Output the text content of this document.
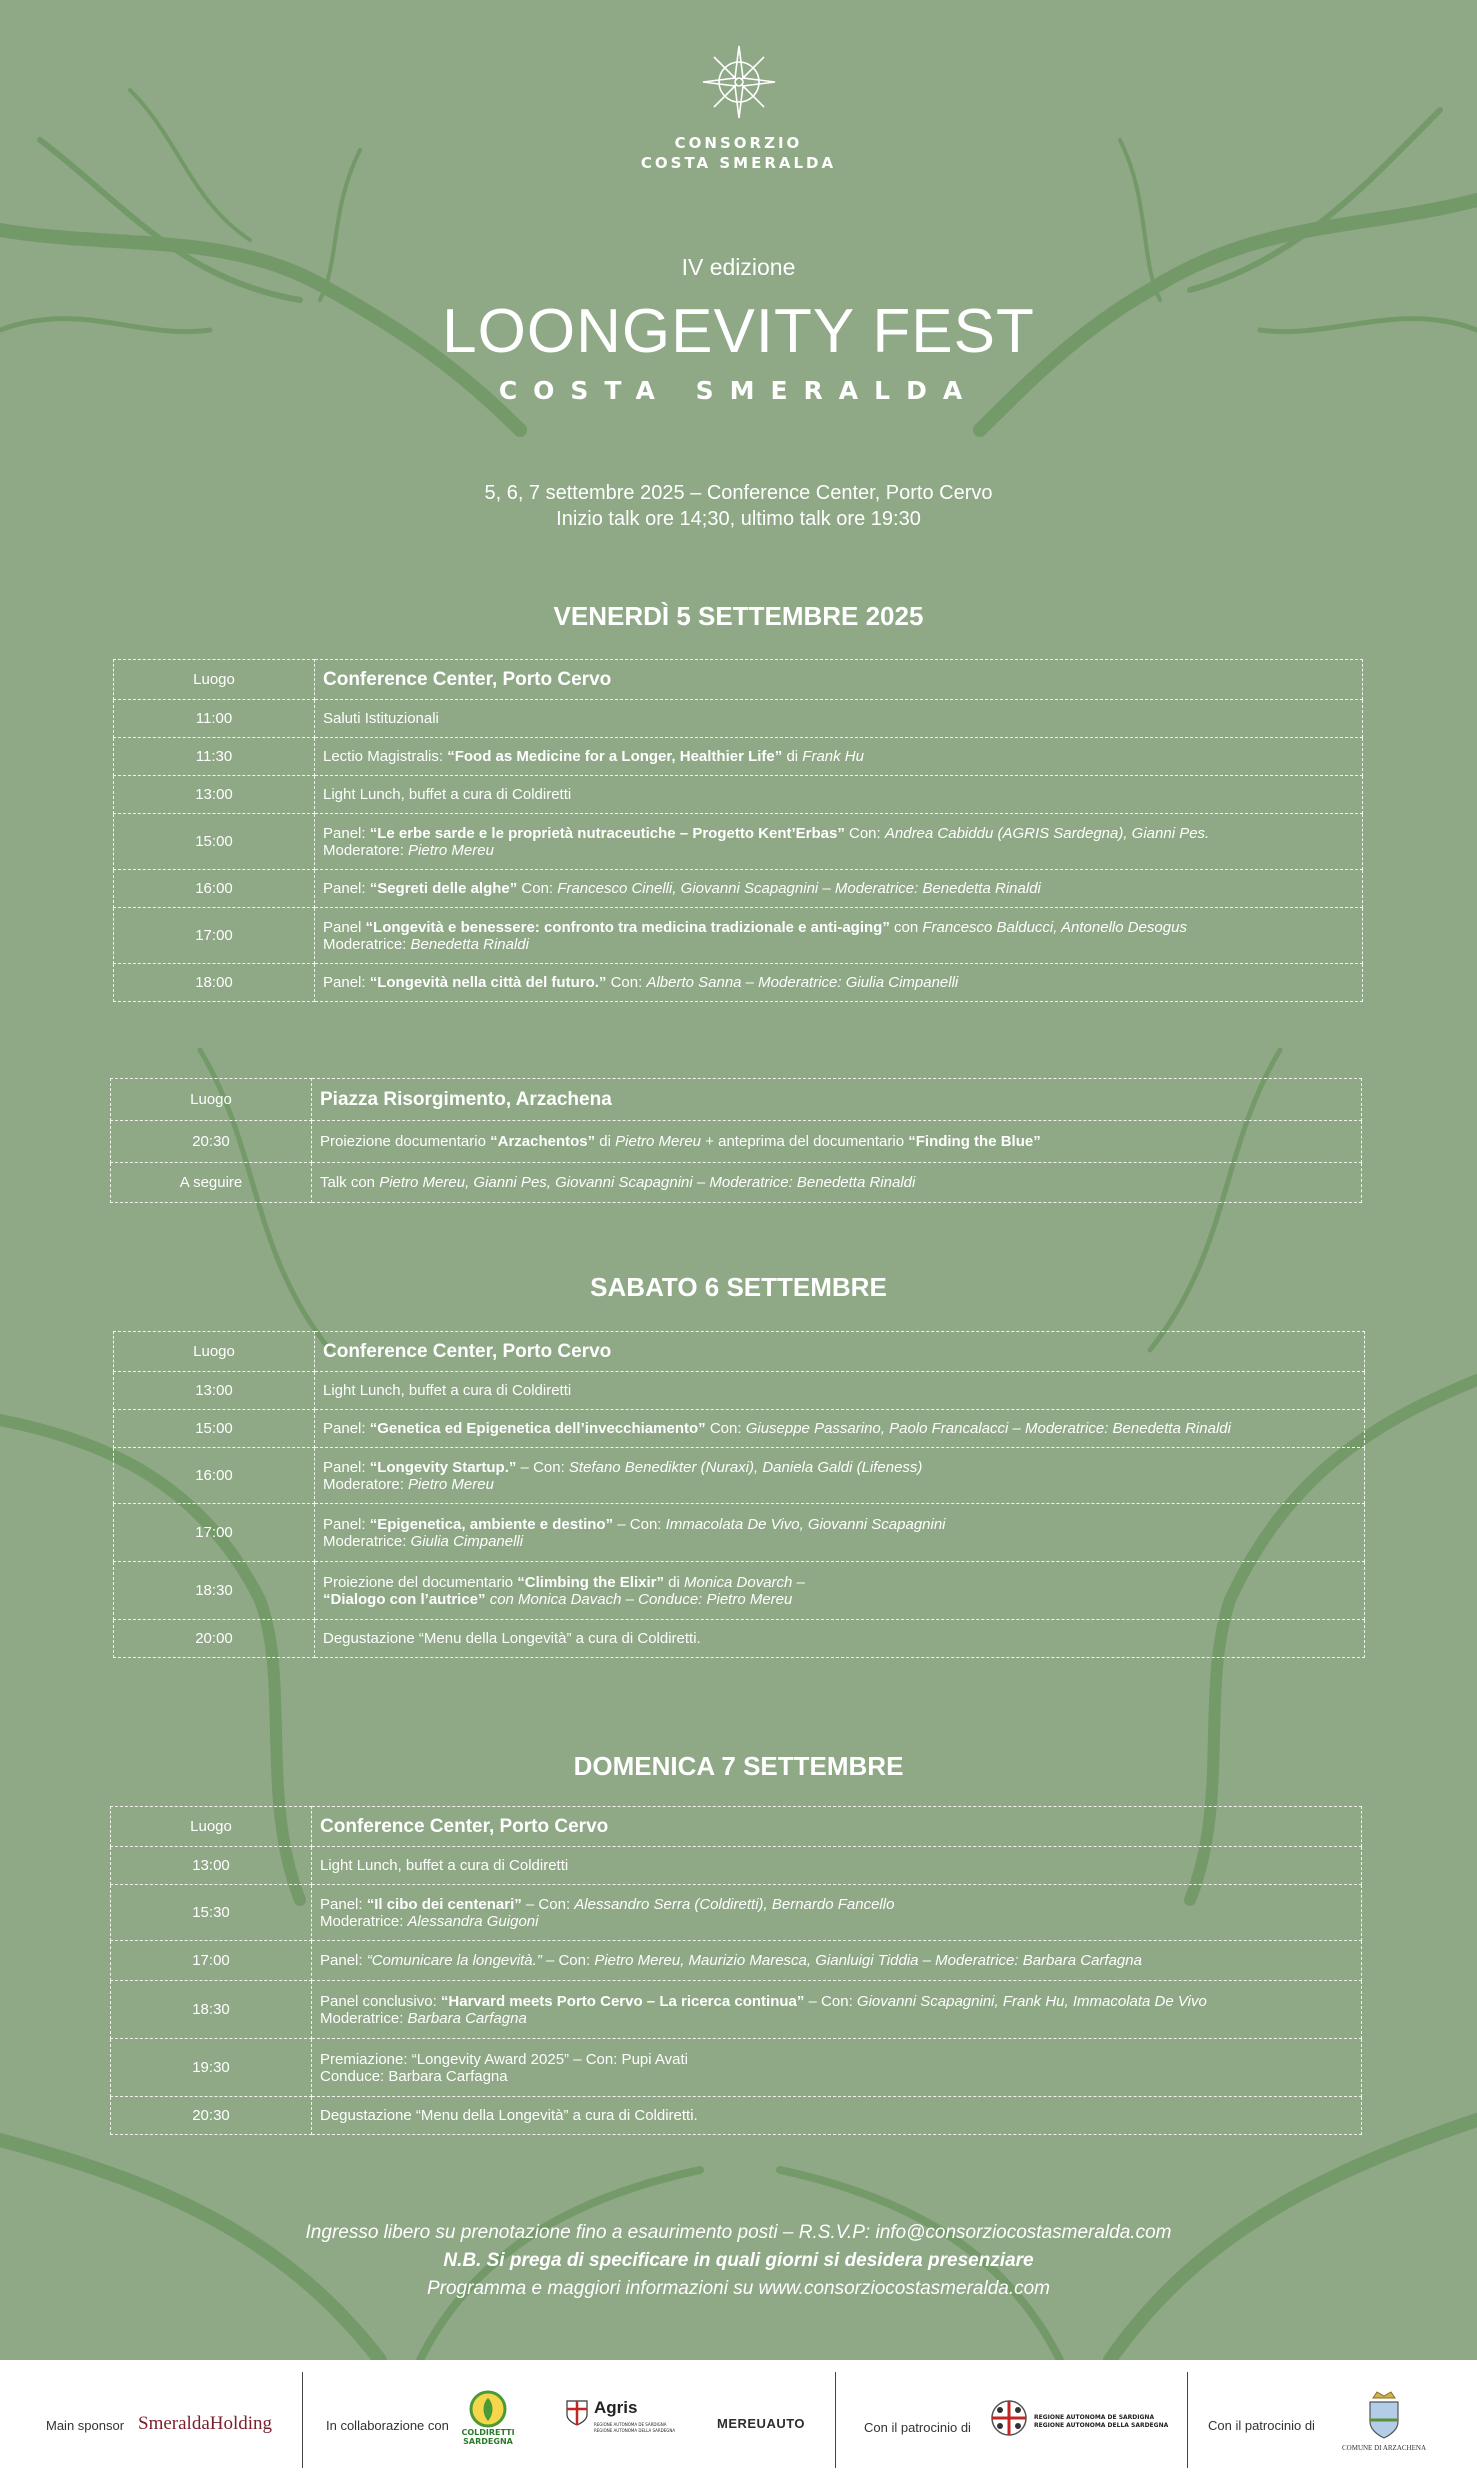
CONSORZIO
COSTA SMERALDA
IV edizione
LOONGEVITY FEST
COSTA SMERALDA
5, 6, 7 settembre 2025 – Conference Center, Porto Cervo
Inizio talk ore 14;30, ultimo talk ore 19:30
VENERDÌ 5 SETTEMBRE 2025
Luogo	Conference Center, Porto Cervo
11:00	Saluti Istituzionali
11:30	Lectio Magistralis: “Food as Medicine for a Longer, Healthier Life” di Frank Hu
13:00	Light Lunch, buffet a cura di Coldiretti
15:00	Panel: “Le erbe sarde e le proprietà nutraceutiche – Progetto Kent’Erbas” Con: Andrea Cabiddu (AGRIS Sardegna), Gianni Pes.
Moderatore: Pietro Mereu
16:00	Panel: “Segreti delle alghe” Con: Francesco Cinelli, Giovanni Scapagnini – Moderatrice: Benedetta Rinaldi
17:00	Panel “Longevità e benessere: confronto tra medicina tradizionale e anti-aging” con Francesco Balducci, Antonello Desogus
Moderatrice: Benedetta Rinaldi
18:00	Panel: “Longevità nella città del futuro.” Con: Alberto Sanna – Moderatrice: Giulia Cimpanelli
Luogo	Piazza Risorgimento, Arzachena
20:30	Proiezione documentario “Arzachentos” di Pietro Mereu + anteprima del documentario “Finding the Blue”
A seguire	Talk con Pietro Mereu, Gianni Pes, Giovanni Scapagnini – Moderatrice: Benedetta Rinaldi
SABATO 6 SETTEMBRE
Luogo	Conference Center, Porto Cervo
13:00	Light Lunch, buffet a cura di Coldiretti
15:00	Panel: “Genetica ed Epigenetica dell’invecchiamento” Con: Giuseppe Passarino, Paolo Francalacci – Moderatrice: Benedetta Rinaldi
16:00	Panel: “Longevity Startup.” – Con: Stefano Benedikter (Nuraxi), Daniela Galdi (Lifeness)
Moderatore: Pietro Mereu
17:00	Panel: “Epigenetica, ambiente e destino” – Con: Immacolata De Vivo, Giovanni Scapagnini
Moderatrice: Giulia Cimpanelli
18:30	Proiezione del documentario “Climbing the Elixir” di Monica Dovarch –
“Dialogo con l’autrice” con Monica Davach – Conduce: Pietro Mereu
20:00	Degustazione “Menu della Longevità” a cura di Coldiretti.
DOMENICA 7 SETTEMBRE
Luogo	Conference Center, Porto Cervo
13:00	Light Lunch, buffet a cura di Coldiretti
15:30	Panel: “Il cibo dei centenari” – Con: Alessandro Serra (Coldiretti), Bernardo Fancello
Moderatrice: Alessandra Guigoni
17:00	Panel: “Comunicare la longevità.” – Con: Pietro Mereu, Maurizio Maresca, Gianluigi Tiddia – Moderatrice: Barbara Carfagna
18:30	Panel conclusivo: “Harvard meets Porto Cervo – La ricerca continua” – Con: Giovanni Scapagnini, Frank Hu, Immacolata De Vivo
Moderatrice: Barbara Carfagna
19:30	Premiazione: “Longevity Award 2025” – Con: Pupi Avati
Conduce: Barbara Carfagna
20:30	Degustazione “Menu della Longevità” a cura di Coldiretti.
Ingresso libero su prenotazione fino a esaurimento posti – R.S.V.P: info@consorziocostasmeralda.com
N.B. Si prega di specificare in quali giorni si desidera presenziare
Programma e maggiori informazioni su www.consorziocostasmeralda.com
Main sponsor SmeraldaHolding	In collaborazione con COLDIRETTI
SARDEGNA
Agris
REGIONE AUTONOMA DE SARDIGNA
REGIONE AUTONOMA DELLA SARDEGNA	MEREUAUTO	Con il patrocinio di
REGIONE AUTONOMA DE SARDIGNA
REGIONE AUTONOMA DELLA SARDEGNA	Con il patrocinio di
COMUNE DI ARZACHENA
